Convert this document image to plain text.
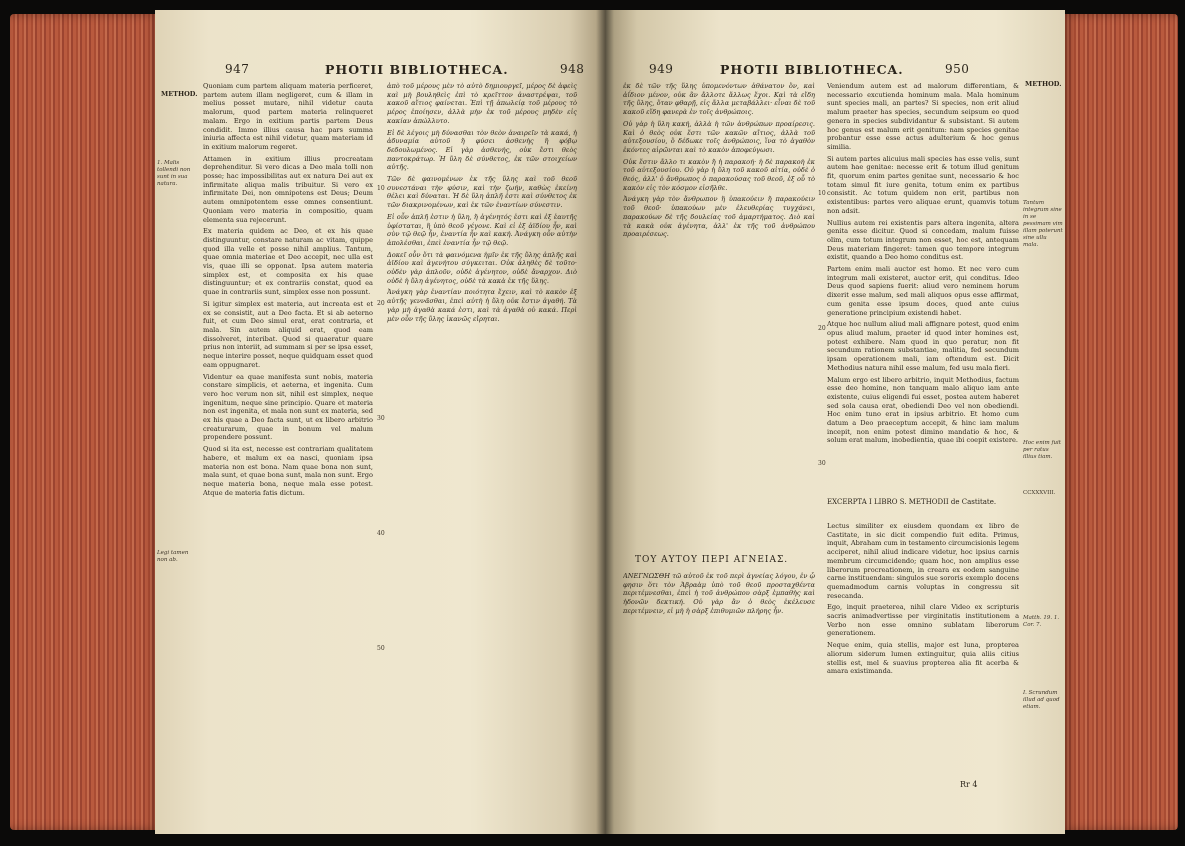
947	PHOTII BIBLIOTHECA.	948
METHOD.
1. Malis tollendi non sunt in sua natura.
Legi tamen non ab.

Quoniam cum partem aliquam materia perficeret, partem autem illam negligeret, cum & illam in melius posset mutare, nihil videtur cauta malorum, quod partem materia relinqueret malam. Ergo in exitium partis partem Deus condidit. Immo illius causa hac pars summa iniuria affecta est nihil videtur, quam materiam id in exitium malorum regeret.

Attamen in exitium illius procreatam deprehenditur. Si vero dicas a Deo mala tolli non posse; hac impossibilitas aut ex natura Dei aut ex infirmitate aliqua malis tribuitur. Si vero ex infirmitate Dei, non omnipotens est Deus; Deum autem omnipotentem esse omnes consentiunt. Quoniam vero materia in compositio, quam elementa sua rejecerunt.

Ex materia quidem ac Deo, et ex his quae distinguuntur, constare naturam ac vitam, quippe quod illa velle et posse nihil amplius. Tantum, quae omnia materiae et Deo accepit, nec ulla est vis, quae illi se opponat. Ipsa autem materia simplex est, et composita ex his quae distinguuntur; et ex contrariis constat, quod ea quae in contrariis sunt, simplex esse non possunt.

Si igitur simplex est materia, aut increata est et ex se consistit, aut a Deo facta. Et si ab aeterno fuit, et cum Deo simul erat, erat contraria, et mala. Sin autem aliquid erat, quod eam dissolveret, interibat. Quod si quaeratur quare prius non interiit, ad summam si per se ipsa esset, neque interire posset, neque quidquam esset quod eam oppugnaret.

Videntur ea quae manifesta sunt nobis, materia constare simplicis, et aeterna, et ingenita. Cum vero hoc verum non sit, nihil est simplex, neque ingenitum, neque sine principio. Quare et materia non est ingenita, et mala non sunt ex materia, sed ex his quae a Deo facta sunt, ut ex libero arbitrio creaturarum, quae in bonum vel malum propendere possunt.

Quod si ita est, necesse est contrariam qualitatem habere, et malum ex ea nasci, quoniam ipsa materia non est bona. Nam quae bona non sunt, mala sunt, et quae bona sunt, mala non sunt. Ergo neque materia bona, neque mala esse potest. Atque de materia fatis dictum.

10
20
30
40
50

ἀπὸ τοῦ μέρους μὲν τὸ αὐτὸ δημιουργεῖ, μέρος δὲ ἀφεὶς καὶ μὴ βουληθεὶς ἐπὶ τὸ κρεῖττον ἀναστρέψαι, τοῦ κακοῦ αἴτιος φαίνεται. Ἐπὶ τῇ ἀπωλείᾳ τοῦ μέρους τὸ μέρος ἐποίησεν, ἀλλὰ μὴν ἐκ τοῦ μέρους μηδὲν εἰς κακίαν ἀπώλλυτο.

Εἰ δὲ λέγοις μὴ δύνασθαι τὸν θεὸν ἀναιρεῖν τὰ κακά, ἡ ἀδυναμία αὐτοῦ ἢ φύσει ἀσθενὴς ἢ φόβῳ δεδουλωμένος. Εἰ γὰρ ἀσθενής, οὐκ ἔστι θεὸς παντοκράτωρ. Ἡ ὕλη δὲ σύνθετος, ἐκ τῶν στοιχείων αὐτῆς.

Τῶν δὲ φαινομένων ἐκ τῆς ὕλης καὶ τοῦ θεοῦ συνεστάναι τὴν φύσιν, καὶ τὴν ζωήν, καθὼς ἐκείνη θέλει καὶ δύναται. Ἡ δὲ ὕλη ἁπλῆ ἐστι καὶ σύνθετος ἐκ τῶν διακρινομένων, καὶ ἐκ τῶν ἐναντίων σύνεστιν.

Εἰ οὖν ἁπλῆ ἐστιν ἡ ὕλη, ἢ ἀγένητός ἐστι καὶ ἐξ ἑαυτῆς ὑφίσταται, ἢ ὑπὸ θεοῦ γέγονε. Καὶ εἰ ἐξ ἀϊδίου ἦν, καὶ σὺν τῷ θεῷ ἦν, ἐναντία ἦν καὶ κακή. Ἀνάγκη οὖν αὐτὴν ἀπολέσθαι, ἐπεὶ ἐναντία ἦν τῷ θεῷ.

Δοκεῖ οὖν ὅτι τὰ φαινόμενα ἡμῖν ἐκ τῆς ὕλης ἁπλῆς καὶ ἀϊδίου καὶ ἀγενήτου σύγκειται. Οὐκ ἀληθὲς δὲ τοῦτο· οὐδὲν γὰρ ἁπλοῦν, οὐδὲ ἀγένητον, οὐδὲ ἄναρχον. Διὸ οὐδὲ ἡ ὕλη ἀγένητος, οὐδὲ τὰ κακὰ ἐκ τῆς ὕλης.

Ἀνάγκη γὰρ ἐναντίαν ποιότητα ἔχειν, καὶ τὸ κακὸν ἐξ αὐτῆς γεννᾶσθαι, ἐπεὶ αὐτὴ ἡ ὕλη οὐκ ἔστιν ἀγαθή. Τὰ γὰρ μὴ ἀγαθὰ κακά ἐστι, καὶ τὰ ἀγαθὰ οὐ κακά. Περὶ μὲν οὖν τῆς ὕλης ἱκανῶς εἴρηται.

949	PHOTII BIBLIOTHECA.	950
METHOD.

ἐκ δὲ τῶν τῆς ὕλης ὑπομενόντων ἀθάνατον ὂν, καὶ ἀΐδιον μένον, οὐκ ἂν ἄλλοτε ἄλλως ἔχοι. Καὶ τὰ εἴδη τῆς ὕλης, ὅταν φθαρῇ, εἰς ἄλλα μεταβάλλει· εἶναι δὲ τοῦ κακοῦ εἴδη φανερὰ ἐν τοῖς ἀνθρώποις.

Οὐ γὰρ ἡ ὕλη κακή, ἀλλὰ ἡ τῶν ἀνθρώπων προαίρεσις. Καὶ ὁ θεὸς οὐκ ἔστι τῶν κακῶν αἴτιος, ἀλλὰ τοῦ αὐτεξουσίου, ὃ δέδωκε τοῖς ἀνθρώποις, ἵνα τὸ ἀγαθὸν ἑκόντες αἱρῶνται καὶ τὸ κακὸν ἀποφεύγωσι.

Οὐκ ἔστιν ἄλλο τι κακὸν ἢ ἡ παρακοή· ἡ δὲ παρακοὴ ἐκ τοῦ αὐτεξουσίου. Οὐ γὰρ ἡ ὕλη τοῦ κακοῦ αἰτία, οὐδὲ ὁ θεός, ἀλλ' ὁ ἄνθρωπος ὁ παρακούσας τοῦ θεοῦ, ἐξ οὗ τὸ κακὸν εἰς τὸν κόσμον εἰσῆλθε.

Ἀνάγκη γὰρ τὸν ἄνθρωπον ἢ ὑπακούειν ἢ παρακούειν τοῦ θεοῦ· ὑπακούων μὲν ἐλευθερίας τυγχάνει, παρακούων δὲ τῆς δουλείας τοῦ ἁμαρτήματος. Διὸ καὶ τὰ κακὰ οὐκ ἀγένητα, ἀλλ' ἐκ τῆς τοῦ ἀνθρώπου προαιρέσεως.

ΤΟΥ ΑΥΤΟΥ ΠΕΡΙ ΑΓΝΕΙΑΣ.

ΑΝΕΓΝΩΣΘΗ τῶ αὐτοῦ ἐκ τοῦ περὶ ἁγνείας λόγου, ἐν ᾧ φησιν ὅτι τὸν Ἀβραὰμ ὑπὸ τοῦ θεοῦ προσταχθέντα περιτέμνεσθαι, ἐπεὶ ἡ τοῦ ἀνθρώπου σὰρξ ἐμπαθὴς καὶ ἡδονῶν δεκτική. Οὐ γὰρ ἂν ὁ θεὸς ἐκέλευσε περιτέμνειν, εἰ μὴ ἡ σὰρξ ἐπιθυμιῶν πλήρης ἦν.

10
20
30

Veniendum autem est ad malorum differentiam, & necessario excutienda hominum mala. Mala hominum sunt species mali, an partes? Si species, non erit aliud malum praeter has species, secundum seipsum eo quod genera in species subdividantur & subsistant. Si autem hoc genus est malum erit genitum: nam species genitae probantur esse esse actus adulterium & hoc genus similia.

Si autem partes alicuius mali species has esse velis, sunt autem hae genitae: necesse erit & totum illud genitum fit, quorum enim partes genitae sunt, necessario & hoc totam simul fit iure genita, totum enim ex partibus consistit. Ac totum quidem non erit, partibus non existentibus: partes vero aliquae erunt, quamvis totum non adsit.

Nullius autem rei existentis pars altera ingenita, altera genita esse dicitur. Quod si concedam, malum fuisse olim, cum totum integrum non esset, hoc est, antequam Deus materiam fingeret: tamen quo tempore integrum existit, quando a Deo homo conditus est.

Partem enim mali auctor est homo. Et nec vero cum integrum mali existeret, auctor erit, qui conditus. Ideo Deus quod sapiens fuerit: aliud vero neminem horum dixerit esse malum, sed mali aliquos opus esse affirmat, cum genita esse ipsum doces, quod ante cuius generatione principium existendi habet.

Atque hoc nullum aliud mali affignare potest, quod enim opus aliud malum, praeter id quod inter homines est, potest exhibere. Nam quod in quo peratur, non fit secundum rationem substantiae, malitia, fed secundum ipsam operationem mali, iam oftendum est. Dicit Methodius natura nihil esse malum, fed usu mala fieri.

Malum ergo est libero arbitrio, inquit Methodius, factum esse deo homine, non tanquam malo aliquo iam ante existente, cuius eligendi fui esset, postea autem haberet sed sola causa erat, obediendi Deo vel non obediendi. Hoc enim tuno erat in ipsius arbitrio. Et homo cum datum a Deo praeceptum accepit, & hinc iam malum incepit, non enim potest dimino mandatio & hoc, & solum erat malum, inobedientia, quae ibi coepit existere.

EXCERPTA I LIBRO S. METHODII de Castitate.

Lectus similiter ex eiusdem quondam ex libro de Castitate, in sic dicit compendio fuit edita. Primus, inquit, Abraham cum in testamento circumcisionis legem acciperet, nihil aliud indicare videtur, hoc ipsius carnis membrum circumcidendo; quam hoc, non amplius esse liberorum procreationem, in creara ex eodem sanguine carne instituendam: singulos sue sororis exemplo docens quemadmodum carnis voluptas in congressu sit resecanda.

Ego, inquit praeterea, nihil clare Video ex scripturis sacris animadvertisse per virginitatis institutionem a Verbo non esse omnino sublatam liberorum generationem.

Neque enim, quia stellis, major est luna, propterea aliorum siderum lumen extinguitur, quia aliis citius stellis est, mel & suavius propterea alia fit acerba & amara existimanda.

Tantum integrum sine in se pessimam vim illam poterunt sine ullu mala.
Hoc enim fuit per ratus illius tiam.
CCXXXVIII.
Matth. 19. 1. Cor. 7.
I. Scrundum illud ad quod etiam.
Rr 4
